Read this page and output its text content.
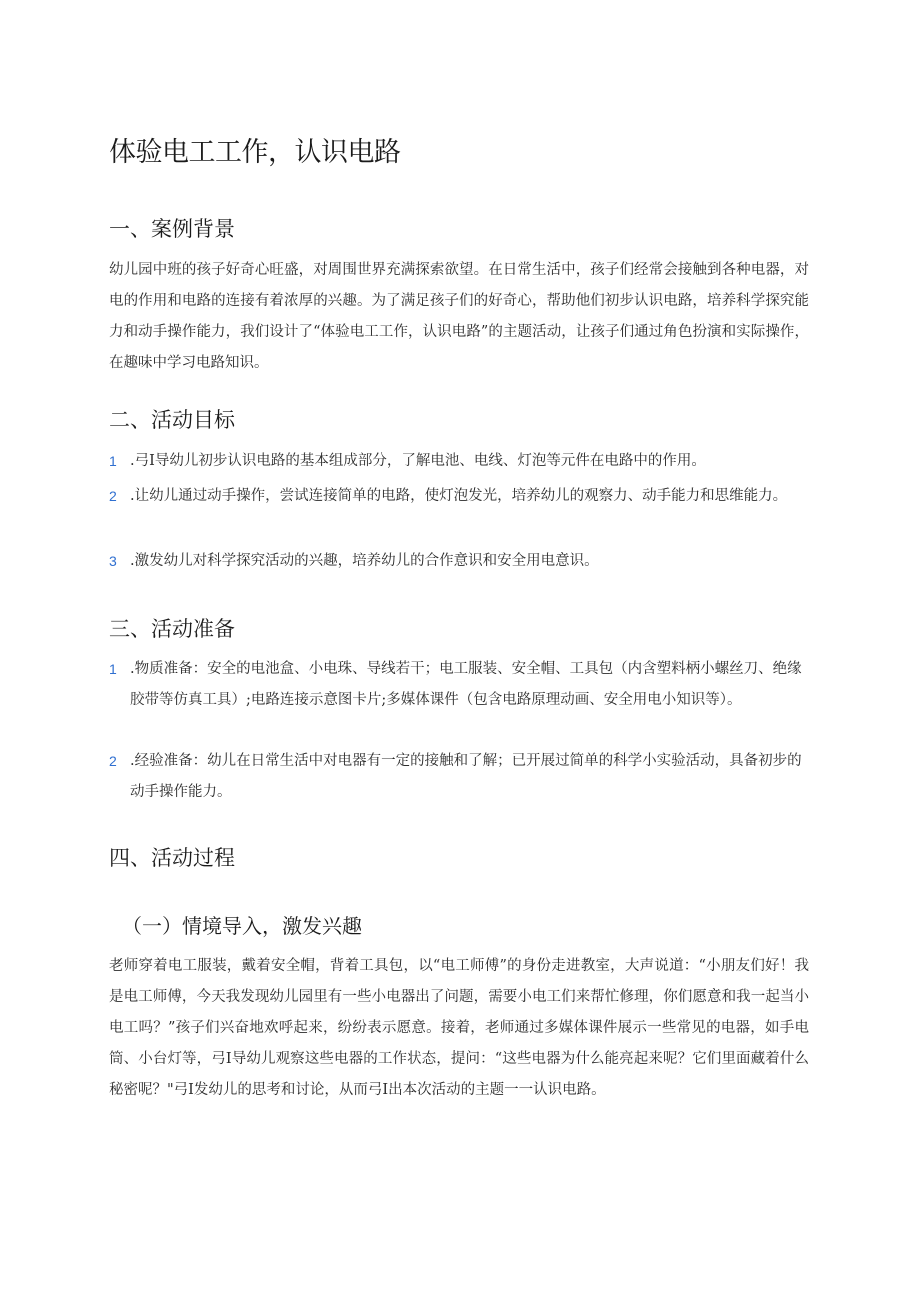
体验电工工作，认识电路
一、案例背景

幼儿园中班的孩子好奇心旺盛，对周围世界充满探索欲望。在日常生活中，孩子们经常会接触到各种电器，对电的作用和电路的连接有着浓厚的兴趣。为了满足孩子们的好奇心，帮助他们初步认识电路，培养科学探究能力和动手操作能力，我们设计了“体验电工工作，认识电路”的主题活动，让孩子们通过角色扮演和实际操作，在趣味中学习电路知识。

二、活动目标
1 .弓I导幼儿初步认识电路的基本组成部分，了解电池、电线、灯泡等元件在电路中的作用。
2 .让幼儿通过动手操作，尝试连接简单的电路，使灯泡发光，培养幼儿的观察力、动手能力和思维能力。
3 .激发幼儿对科学探究活动的兴趣，培养幼儿的合作意识和安全用电意识。
三、活动准备
1 .物质准备：安全的电池盒、小电珠、导线若干；电工服装、安全帽、工具包（内含塑料柄小螺丝刀、绝缘胶带等仿真工具）;电路连接示意图卡片;多媒体课件（包含电路原理动画、安全用电小知识等）。
2 .经验准备：幼儿在日常生活中对电器有一定的接触和了解；已开展过简单的科学小实验活动，具备初步的动手操作能力。
四、活动过程
（一）情境导入，激发兴趣

老师穿着电工服装，戴着安全帽，背着工具包，以“电工师傅”的身份走进教室，大声说道：“小朋友们好！我是电工师傅，今天我发现幼儿园里有一些小电器出了问题，需要小电工们来帮忙修理，你们愿意和我一起当小电工吗？”孩子们兴奋地欢呼起来，纷纷表示愿意。接着，老师通过多媒体课件展示一些常见的电器，如手电筒、小台灯等，弓I导幼儿观察这些电器的工作状态，提问：“这些电器为什么能亮起来呢？它们里面藏着什么秘密呢？"弓I发幼儿的思考和讨论，从而弓I出本次活动的主题一一认识电路。
